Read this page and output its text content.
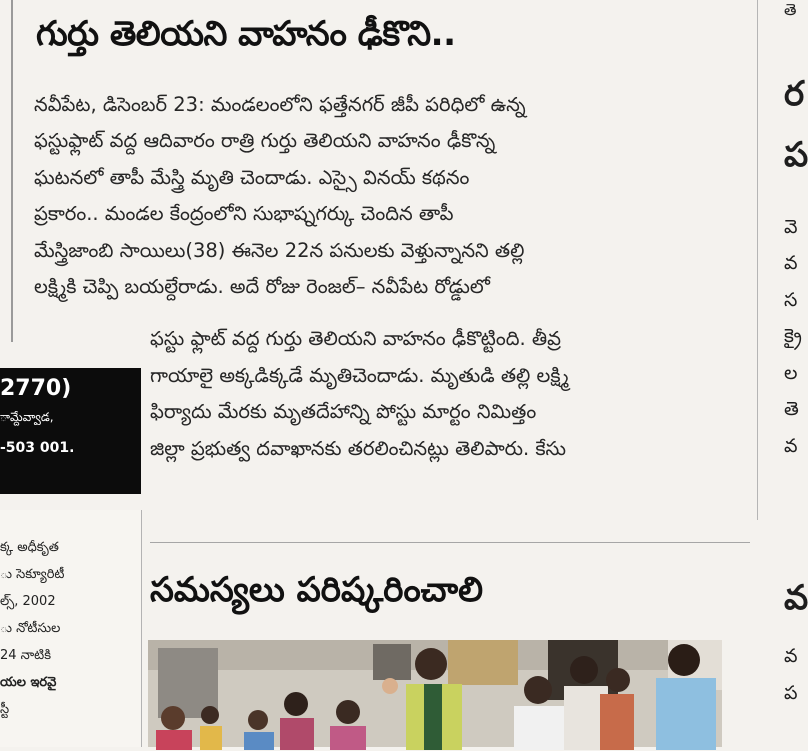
గుర్తు తెలియని వాహనం ఢీకొని..
నవీపేట, డిసెంబర్ 23: మండలంలోని ఫత్తేనగర్ జీపీ పరిధిలో ఉన్న
ఫస్టుఫ్లాట్ వద్ద ఆదివారం రాత్రి గుర్తు తెలియని వాహనం ఢీకొన్న
ఘటనలో తాపీ మేస్త్రి మృతి చెందాడు. ఎస్సై వినయ్ కథనం
ప్రకారం.. మండల కేంద్రంలోని సుభాష్నగర్కు చెందిన తాపీ
మేస్త్రిజాంబి సాయిలు(38) ఈనెల 22న పనులకు వెళ్తున్నానని తల్లి
లక్ష్మికి చెప్పి బయల్దేరాడు. అదే రోజు రెంజల్– నవీపేట రోడ్డులో
ఫస్టు ఫ్లాట్ వద్ద గుర్తు తెలియని వాహనం ఢీకొట్టింది. తీవ్ర
గాయాలై అక్కడిక్కడే మృతిచెందాడు. మృతుడి తల్లి లక్ష్మి
ఫిర్యాదు మేరకు మృతదేహాన్ని పోస్టు మార్టం నిమిత్తం
జిల్లా ప్రభుత్వ దవాఖానకు తరలించినట్లు తెలిపారు. కేసు
2770)
ామ్దేవ్వాడ,
-503 001.
క్క అధీకృత
ు సెక్యూరిటీ
ల్స్, 2002
ు నోటీసుల
24 నాటికి
యల ఇరవై
స్టీ
తె
ర
ప
వె
వ
స
క్రై
ల
తె
వ
వ
వ
ప
సమస్యలు పరిష్కరించాలి
